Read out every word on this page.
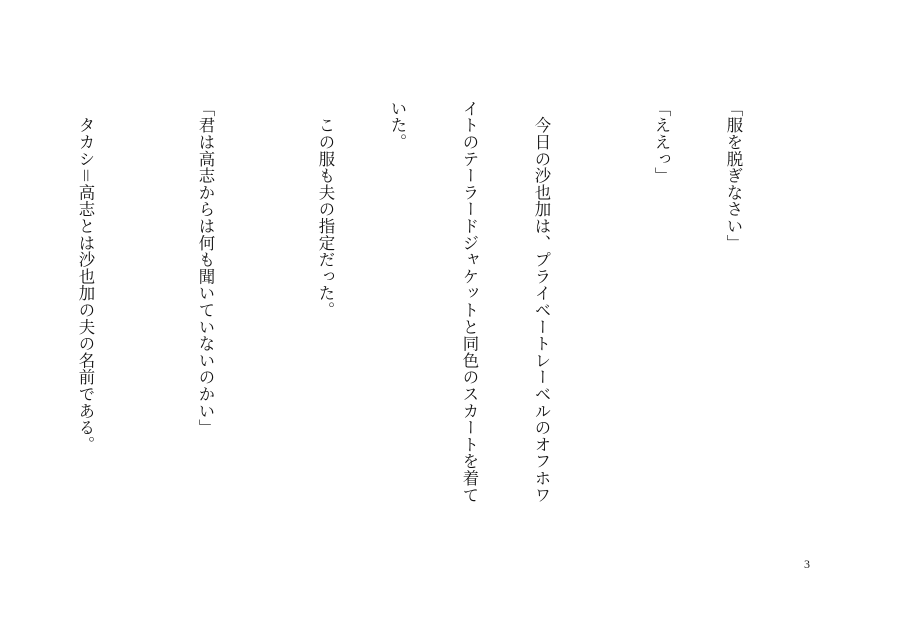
「服を脱ぎなさい」

「ええっ」

　今日の沙也加は、プライベートレーベルのオフホワ

イトのテーラードジャケットと同色のスカートを着て

いた。

　この服も夫の指定だった。

「君は高志からは何も聞いていないのかい」

　タカシ＝高志とは沙也加の夫の名前である。

3
